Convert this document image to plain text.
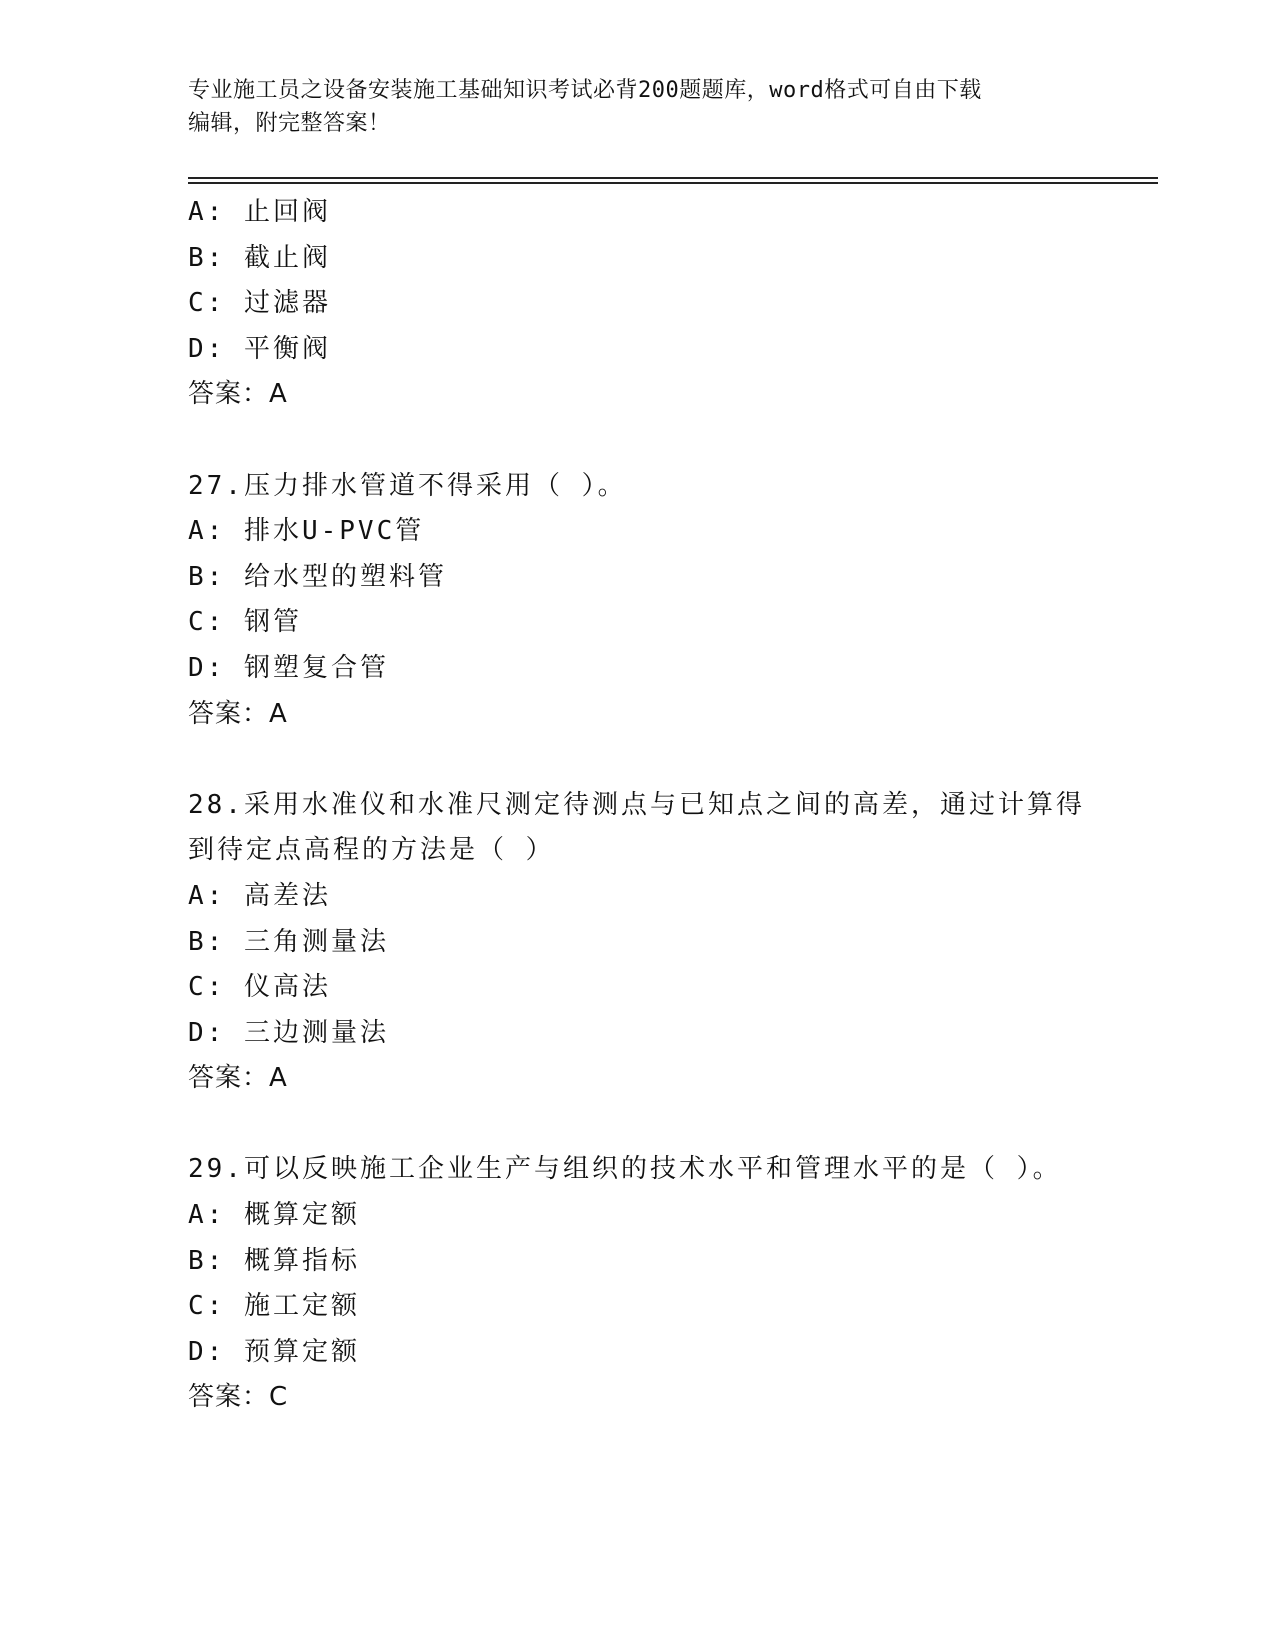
专业施工员之设备安装施工基础知识考试必背200题题库，word格式可自由下载
编辑，附完整答案！
A: 止回阀
B: 截止阀
C: 过滤器
D: 平衡阀
答案：A
27.压力排水管道不得采用（ ）。
A: 排水U-PVC管
B: 给水型的塑料管
C: 钢管
D: 钢塑复合管
答案：A
28.采用水准仪和水准尺测定待测点与已知点之间的高差，通过计算得
到待定点高程的方法是（ ）
A: 高差法
B: 三角测量法
C: 仪高法
D: 三边测量法
答案：A
29.可以反映施工企业生产与组织的技术水平和管理水平的是（ ）。
A: 概算定额
B: 概算指标
C: 施工定额
D: 预算定额
答案：C
